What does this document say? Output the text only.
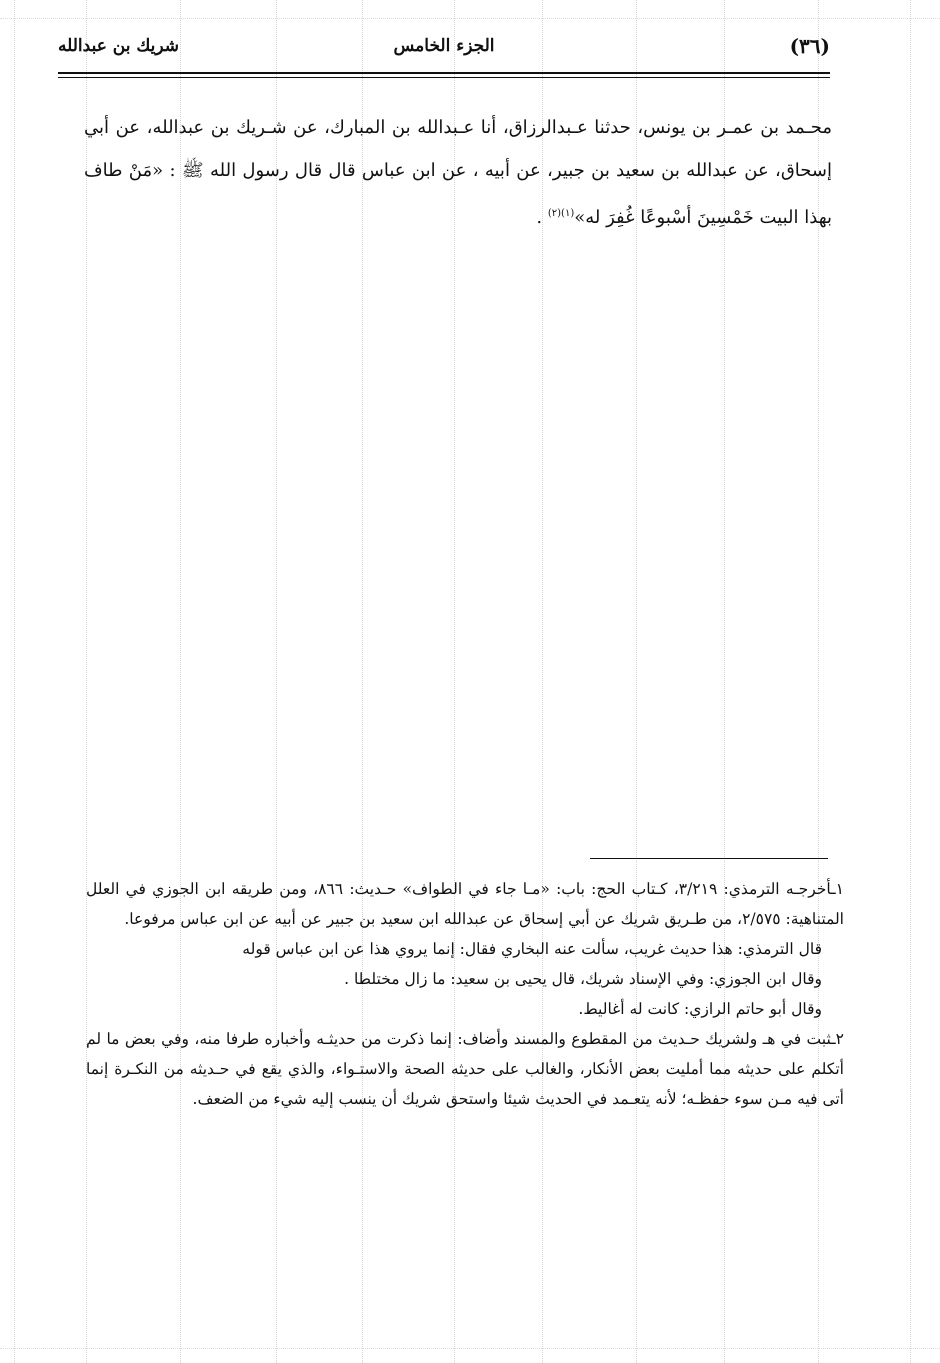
شريك بن عبدالله	الجزء الخامس	(٣٦)

محـمد بن عمـر بن يونس، حدثنا عـبدالرزاق، أنا عـبدالله بن المبارك، عن شـريك بن عبدالله، عن أبي إسحاق، عن عبدالله بن سعيد بن جبير، عن أبيه ، عن ابن عباس قال قال رسول الله ﷺ : «مَنْ طاف بهذا البيت خَمْسِينَ أسْبوعًا غُفِرَ له»$^{(١)(٢)}$ .

١ـأخرجـه الترمذي: ٣/٢١٩، كـتاب الحج: باب: «مـا جاء في الطواف» حـديث: ٨٦٦، ومن طريقه ابن الجوزي في العلل المتناهية: ٢/٥٧٥، من طـريق شريك عن أبي إسحاق عن عبدالله ابن سعيد بن جبير عن أبيه عن ابن عباس مرفوعا.

قال الترمذي: هذا حديث غريب، سألت عنه البخاري فقال: إنما يروي هذا عن ابن عباس قوله

وقال ابن الجوزي: وفي الإسناد شريك، قال يحيى بن سعيد: ما زال مختلطا .

وقال أبو حاتم الرازي: كانت له أغاليط.

٢ـثبت في هـ ولشريك حـديث من المقطوع والمسند وأضاف: إنما ذكرت من حديثـه وأخباره طرفا منه، وفي بعض ما لم أتكلم على حديثه مما أمليت بعض الأنكار، والغالب على حديثه الصحة والاستـواء، والذي يقع في حـديثه من النكـرة إنما أتى فيه مـن سوء حفظـه؛ لأنه يتعـمد في الحديث شيئا واستحق شريك أن ينسب إليه شيء من الضعف.
